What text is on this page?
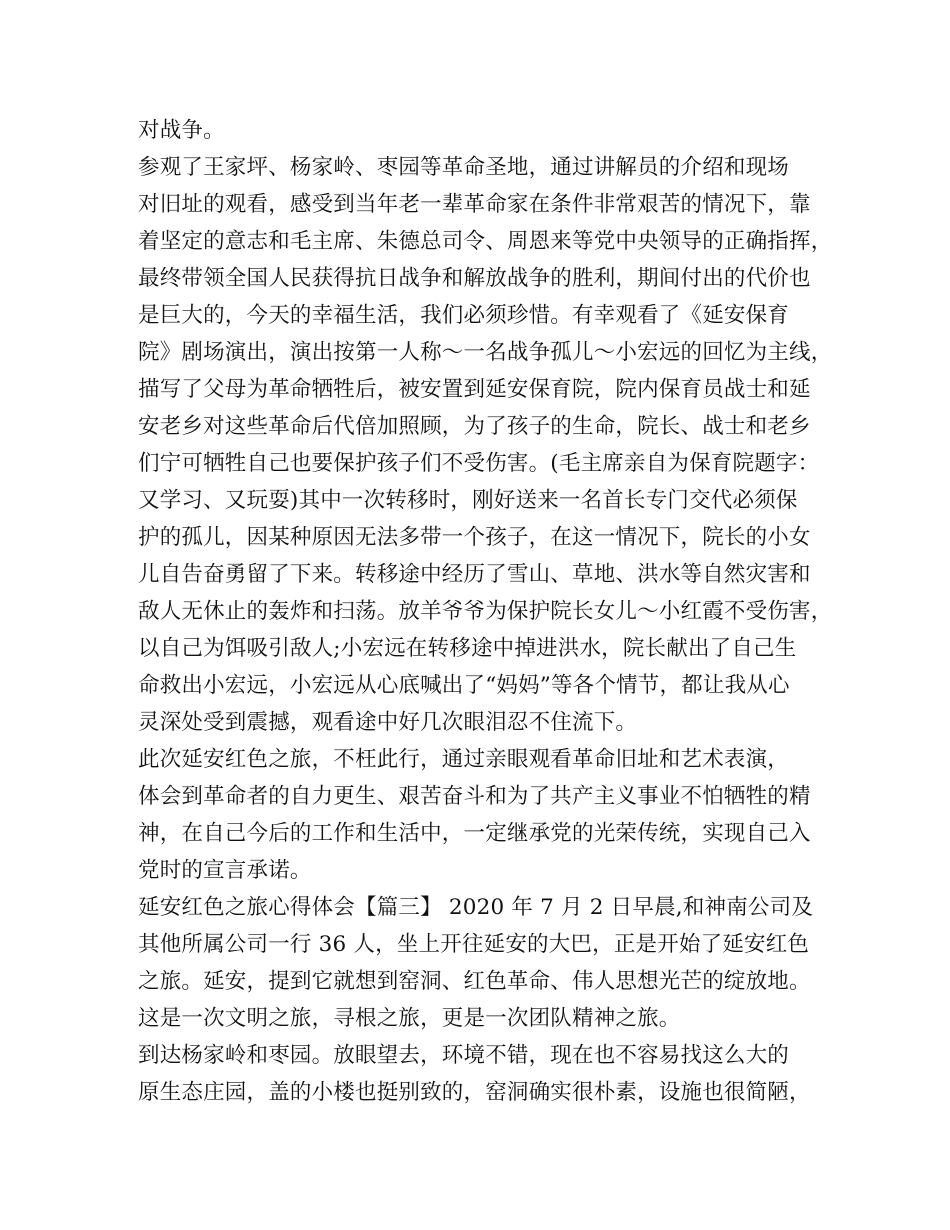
对战争。
参观了王家坪、杨家岭、枣园等革命圣地，通过讲解员的介绍和现场
对旧址的观看，感受到当年老一辈革命家在条件非常艰苦的情况下，靠
着坚定的意志和毛主席、朱德总司令、周恩来等党中央领导的正确指挥，
最终带领全国人民获得抗日战争和解放战争的胜利，期间付出的代价也
是巨大的，今天的幸福生活，我们必须珍惜。有幸观看了《延安保育
院》剧场演出，演出按第一人称～一名战争孤儿～小宏远的回忆为主线，
描写了父母为革命牺牲后，被安置到延安保育院，院内保育员战士和延
安老乡对这些革命后代倍加照顾，为了孩子的生命，院长、战士和老乡
们宁可牺牲自己也要保护孩子们不受伤害。(毛主席亲自为保育院题字：
又学习、又玩耍)其中一次转移时，刚好送来一名首长专门交代必须保
护的孤儿，因某种原因无法多带一个孩子，在这一情况下，院长的小女
儿自告奋勇留了下来。转移途中经历了雪山、草地、洪水等自然灾害和
敌人无休止的轰炸和扫荡。放羊爷爷为保护院长女儿～小红霞不受伤害，
以自己为饵吸引敌人;小宏远在转移途中掉进洪水，院长献出了自己生
命救出小宏远，小宏远从心底喊出了“妈妈”等各个情节，都让我从心
灵深处受到震撼，观看途中好几次眼泪忍不住流下。
此次延安红色之旅，不枉此行，通过亲眼观看革命旧址和艺术表演，
体会到革命者的自力更生、艰苦奋斗和为了共产主义事业不怕牺牲的精
神，在自己今后的工作和生活中，一定继承党的光荣传统，实现自己入
党时的宣言承诺。
延安红色之旅心得体会【篇三】 2020 年 7 月 2 日早晨,和神南公司及
其他所属公司一行 36 人，坐上开往延安的大巴，正是开始了延安红色
之旅。延安，提到它就想到窑洞、红色革命、伟人思想光芒的绽放地。
这是一次文明之旅，寻根之旅，更是一次团队精神之旅。
到达杨家岭和枣园。放眼望去，环境不错，现在也不容易找这么大的
原生态庄园，盖的小楼也挺别致的，窑洞确实很朴素，设施也很简陋，
